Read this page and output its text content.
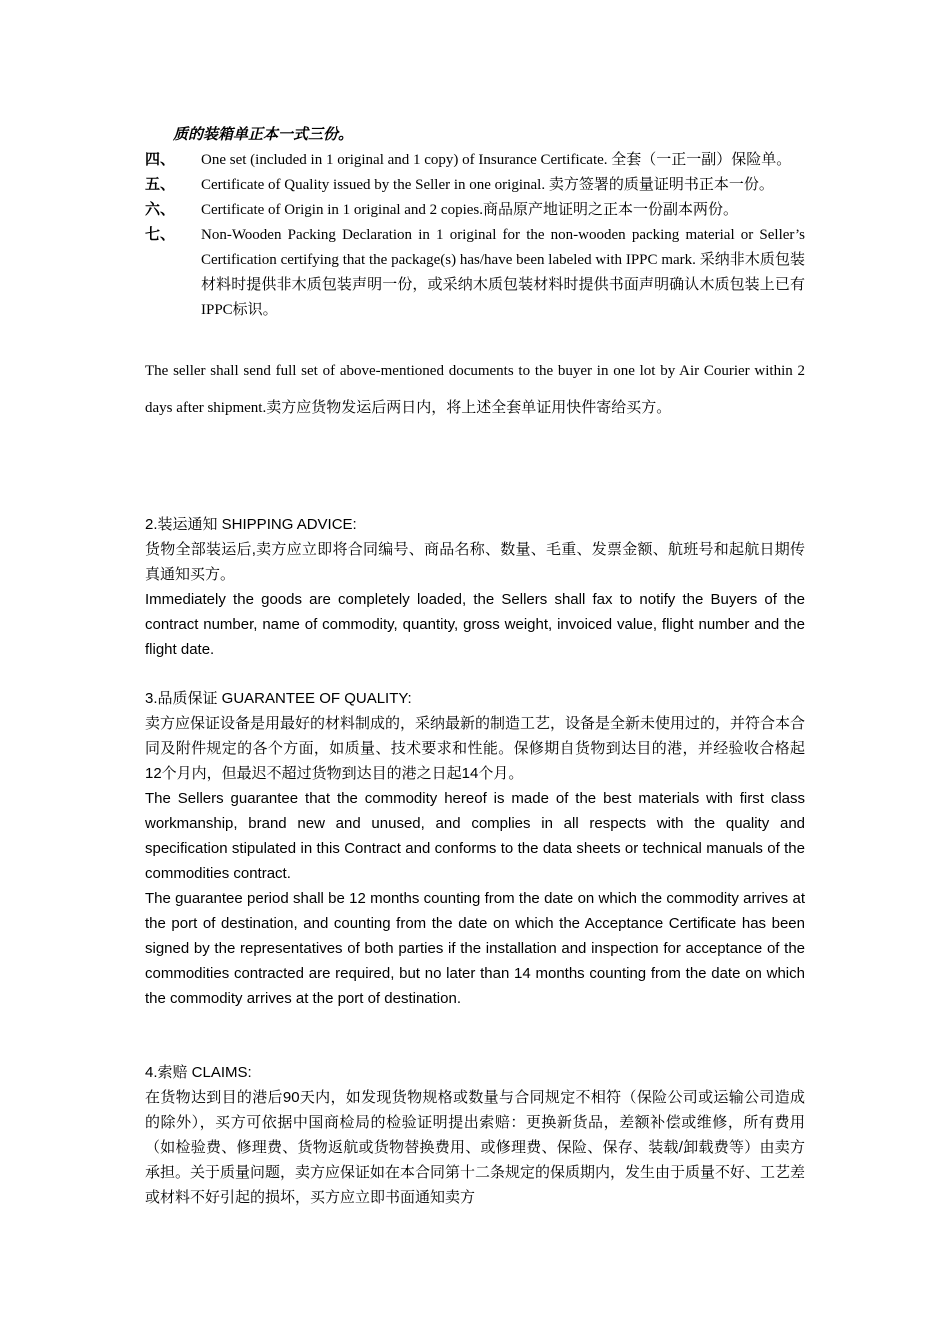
质的装箱单正本一式三份。
四、	One set (included in 1 original and 1 copy) of Insurance Certificate. 全套（一正一副）保险单。
五、	Certificate of Quality issued by the Seller in one original. 卖方签署的质量证明书正本一份。
六、	Certificate of Origin in 1 original and 2 copies.商品原产地证明之正本一份副本两份。
七、	Non-Wooden Packing Declaration in 1 original for the non-wooden packing material or Seller’s Certification certifying that the package(s) has/have been labeled with IPPC mark. 采纳非木质包装材料时提供非木质包装声明一份，或采纳木质包装材料时提供书面声明确认木质包装上已有IPPC标识。
The seller shall send full set of above-mentioned documents to the buyer in one lot by Air Courier within 2 days after shipment.卖方应货物发运后两日内，将上述全套单证用快件寄给买方。
2.装运通知 SHIPPING ADVICE:
货物全部装运后,卖方应立即将合同编号、商品名称、数量、毛重、发票金额、航班号和起航日期传真通知买方。
Immediately the goods are completely loaded, the Sellers shall fax to notify the Buyers of the contract number, name of commodity, quantity, gross weight, invoiced value, flight number and the flight date.
3.品质保证 GUARANTEE OF QUALITY:
卖方应保证设备是用最好的材料制成的，采纳最新的制造工艺，设备是全新未使用过的，并符合本合同及附件规定的各个方面，如质量、技术要求和性能。保修期自货物到达目的港，并经验收合格起12个月内，但最迟不超过货物到达目的港之日起14个月。
The Sellers guarantee that the commodity hereof is made of the best materials with first class workmanship, brand new and unused, and complies in all respects with the quality and specification stipulated in this Contract and conforms to the data sheets or technical manuals of the commodities contract.
The guarantee period shall be 12 months counting from the date on which the commodity arrives at the port of destination, and counting from the date on which the Acceptance Certificate has been signed by the representatives of both parties if the installation and inspection for acceptance of the commodities contracted are required, but no later than 14 months counting from the date on which the commodity arrives at the port of destination.
4.索赔 CLAIMS:
在货物达到目的港后90天内，如发现货物规格或数量与合同规定不相符（保险公司或运输公司造成的除外），买方可依据中国商检局的检验证明提出索赔：更换新货品，差额补偿或维修，所有费用（如检验费、修理费、货物返航或货物替换费用、或修理费、保险、保存、装载/卸载费等）由卖方承担。关于质量问题，卖方应保证如在本合同第十二条规定的保质期内，发生由于质量不好、工艺差或材料不好引起的损坏，买方应立即书面通知卖方
